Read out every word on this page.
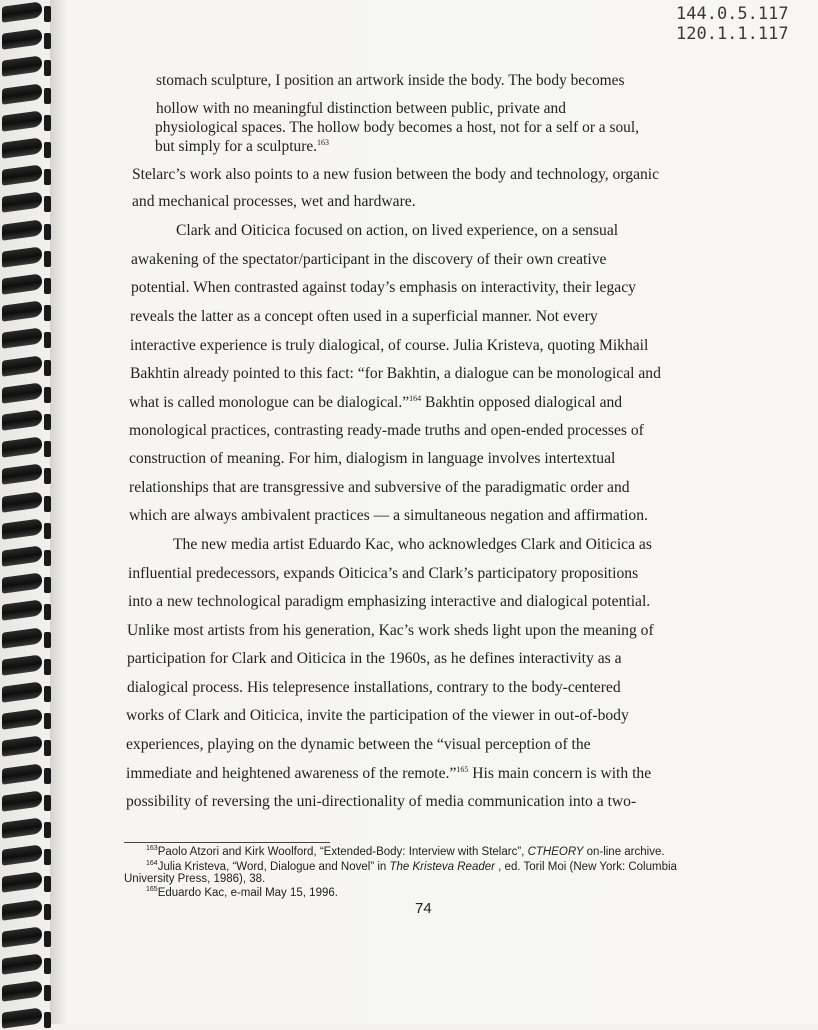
144.0.5.117
120.1.1.117
stomach sculpture, I position an artwork inside the body. The body becomes
hollow with no meaningful distinction between public, private and
physiological spaces. The hollow body becomes a host, not for a self or a soul,
but simply for a sculpture.$^{163}$
Stelarc’s work also points to a new fusion between the body and technology, organic
and mechanical processes, wet and hardware.
Clark and Oiticica focused on action, on lived experience, on a sensual
awakening of the spectator/participant in the discovery of their own creative
potential. When contrasted against today’s emphasis on interactivity, their legacy
reveals the latter as a concept often used in a superficial manner. Not every
interactive experience is truly dialogical, of course. Julia Kristeva, quoting Mikhail
Bakhtin already pointed to this fact: “for Bakhtin, a dialogue can be monological and
what is called monologue can be dialogical.”$^{164}$ Bakhtin opposed dialogical and
monological practices, contrasting ready-made truths and open-ended processes of
construction of meaning. For him, dialogism in language involves intertextual
relationships that are transgressive and subversive of the paradigmatic order and
which are always ambivalent practices — a simultaneous negation and affirmation.
The new media artist Eduardo Kac, who acknowledges Clark and Oiticica as
influential predecessors, expands Oiticica’s and Clark’s participatory propositions
into a new technological paradigm emphasizing interactive and dialogical potential.
Unlike most artists from his generation, Kac’s work sheds light upon the meaning of
participation for Clark and Oiticica in the 1960s, as he defines interactivity as a
dialogical process. His telepresence installations, contrary to the body-centered
works of Clark and Oiticica, invite the participation of the viewer in out-of-body
experiences, playing on the dynamic between the “visual perception of the
immediate and heightened awareness of the remote.”$^{165}$ His main concern is with the
possibility of reversing the uni-directionality of media communication into a two-
$^{163}$Paolo Atzori and Kirk Woolford, “Extended-Body: Interview with Stelarc”, CTHEORY on-line archive.
$^{164}$Julia Kristeva, “Word, Dialogue and Novel” in The Kristeva Reader , ed. Toril Moi (New York: Columbia
University Press, 1986), 38.
$^{165}$Eduardo Kac, e-mail May 15, 1996.
74
